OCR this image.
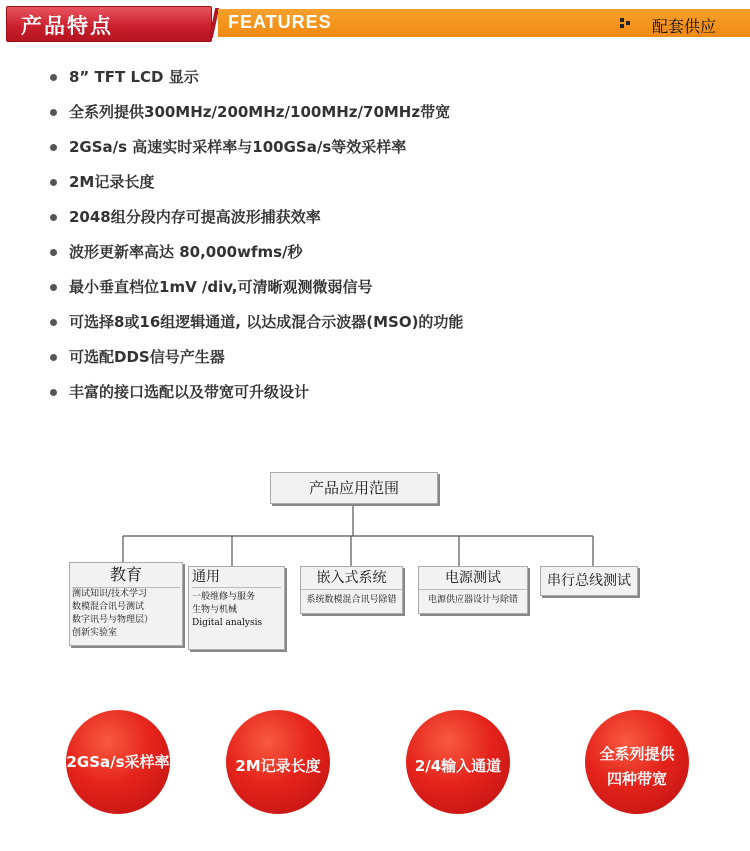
产品特点	FEATURES	配套供应
8” TFT LCD 显示
全系列提供300MHz/200MHz/100MHz/70MHz带宽
2GSa/s 高速实时采样率与100GSa/s等效采样率
2M记录长度
2048组分段内存可提高波形捕获效率
波形更新率高达 80,000wfms/秒
最小垂直档位1mV /div,可清晰观测微弱信号
可选择8或16组逻辑通道, 以达成混合示波器(MSO)的功能
可选配DDS信号产生器
丰富的接口选配以及带宽可升级设计
产品应用范围
教育
测试知识/技术学习
数模混合讯号测试
数字讯号与物理层）
创新实验室
通用
一般维修与服务
生物与机械
Digital analysis
嵌入式系统
系统数模混合讯号除错
电源测试
电源供应器设计与除错
串行总线测试
2GSa/s采样率	2M记录长度	2/4输入通道
全系列提供
四种带宽
